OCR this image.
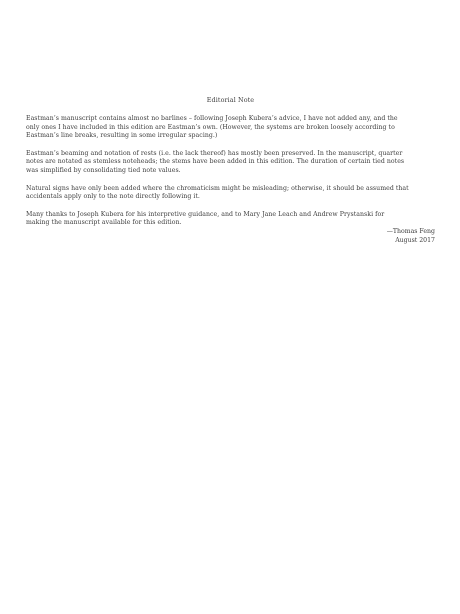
Editorial Note

Eastman’s manuscript contains almost no barlines – following Joseph Kubera’s advice, I have not added any, and the
only ones I have included in this edition are Eastman’s own. (However, the systems are broken loosely according to
Eastman’s line breaks, resulting in some irregular spacing.)

Eastman’s beaming and notation of rests (i.e. the lack thereof) has mostly been preserved. In the manuscript, quarter
notes are notated as stemless noteheads; the stems have been added in this edition. The duration of certain tied notes
was simplified by consolidating tied note values.

Natural signs have only been added where the chromaticism might be misleading; otherwise, it should be assumed that
accidentals apply only to the note directly following it.

Many thanks to Joseph Kubera for his interpretive guidance, and to Mary Jane Leach and Andrew Prystanski for
making the manuscript available for this edition.

—Thomas Feng
August 2017
